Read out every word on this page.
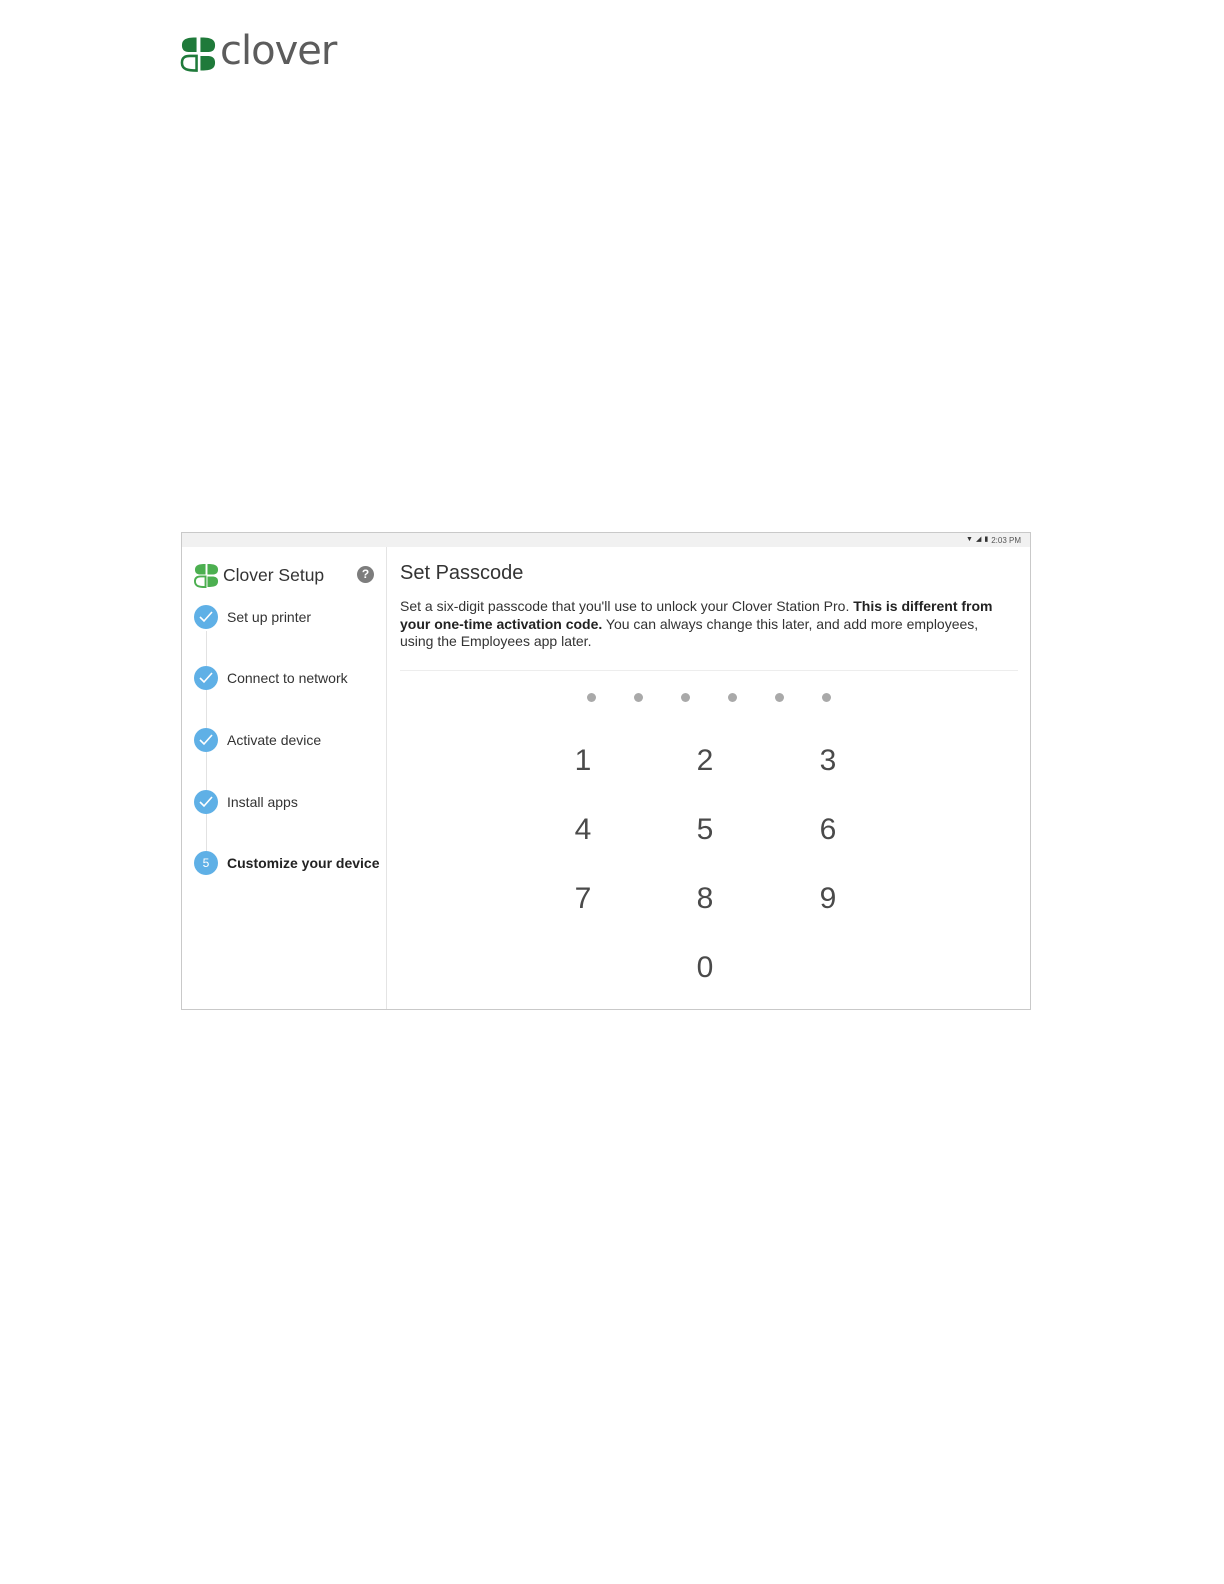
clover
▼ ◢ ▮ 2:03 PM
Clover Setup	?
Set up printer
Connect to network
Activate device
Install apps
5	Customize your device
Set Passcode
Set a six-digit passcode that you'll use to unlock your Clover Station Pro. This is different from your one-time activation code. You can always change this later, and add more employees, using the Employees app later.
1	2	3
4	5	6
7	8	9
0
